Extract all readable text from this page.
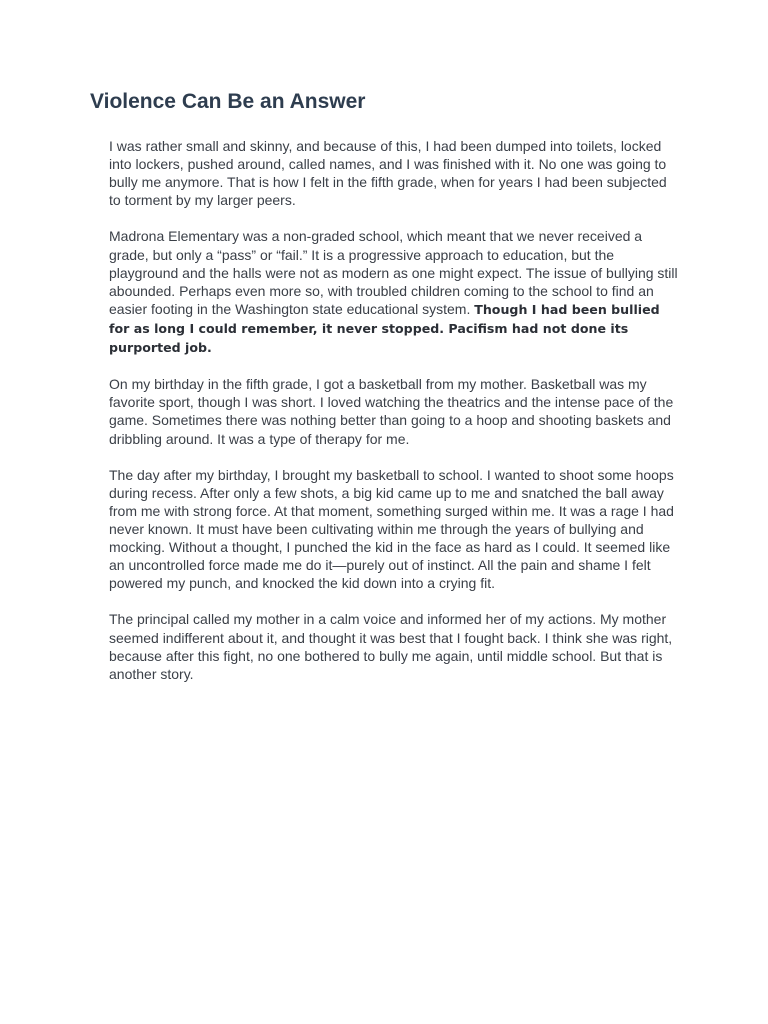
Violence Can Be an Answer

I was rather small and skinny, and because of this, I had been dumped into toilets, locked into lockers, pushed around, called names, and I was finished with it. No one was going to bully me anymore. That is how I felt in the fifth grade, when for years I had been subjected to torment by my larger peers.

Madrona Elementary was a non-graded school, which meant that we never received a grade, but only a “pass” or “fail.” It is a progressive approach to education, but the playground and the halls were not as modern as one might expect. The issue of bullying still abounded. Perhaps even more so, with troubled children coming to the school to find an easier footing in the Washington state educational system. Though I had been bullied for as long I could remember, it never stopped. Pacifism had not done its purported job.

On my birthday in the fifth grade, I got a basketball from my mother. Basketball was my favorite sport, though I was short. I loved watching the theatrics and the intense pace of the game. Sometimes there was nothing better than going to a hoop and shooting baskets and dribbling around. It was a type of therapy for me.

The day after my birthday, I brought my basketball to school. I wanted to shoot some hoops during recess. After only a few shots, a big kid came up to me and snatched the ball away from me with strong force. At that moment, something surged within me. It was a rage I had never known. It must have been cultivating within me through the years of bullying and mocking. Without a thought, I punched the kid in the face as hard as I could. It seemed like an uncontrolled force made me do it—purely out of instinct. All the pain and shame I felt powered my punch, and knocked the kid down into a crying fit.

The principal called my mother in a calm voice and informed her of my actions. My mother seemed indifferent about it, and thought it was best that I fought back. I think she was right, because after this fight, no one bothered to bully me again, until middle school. But that is another story.
